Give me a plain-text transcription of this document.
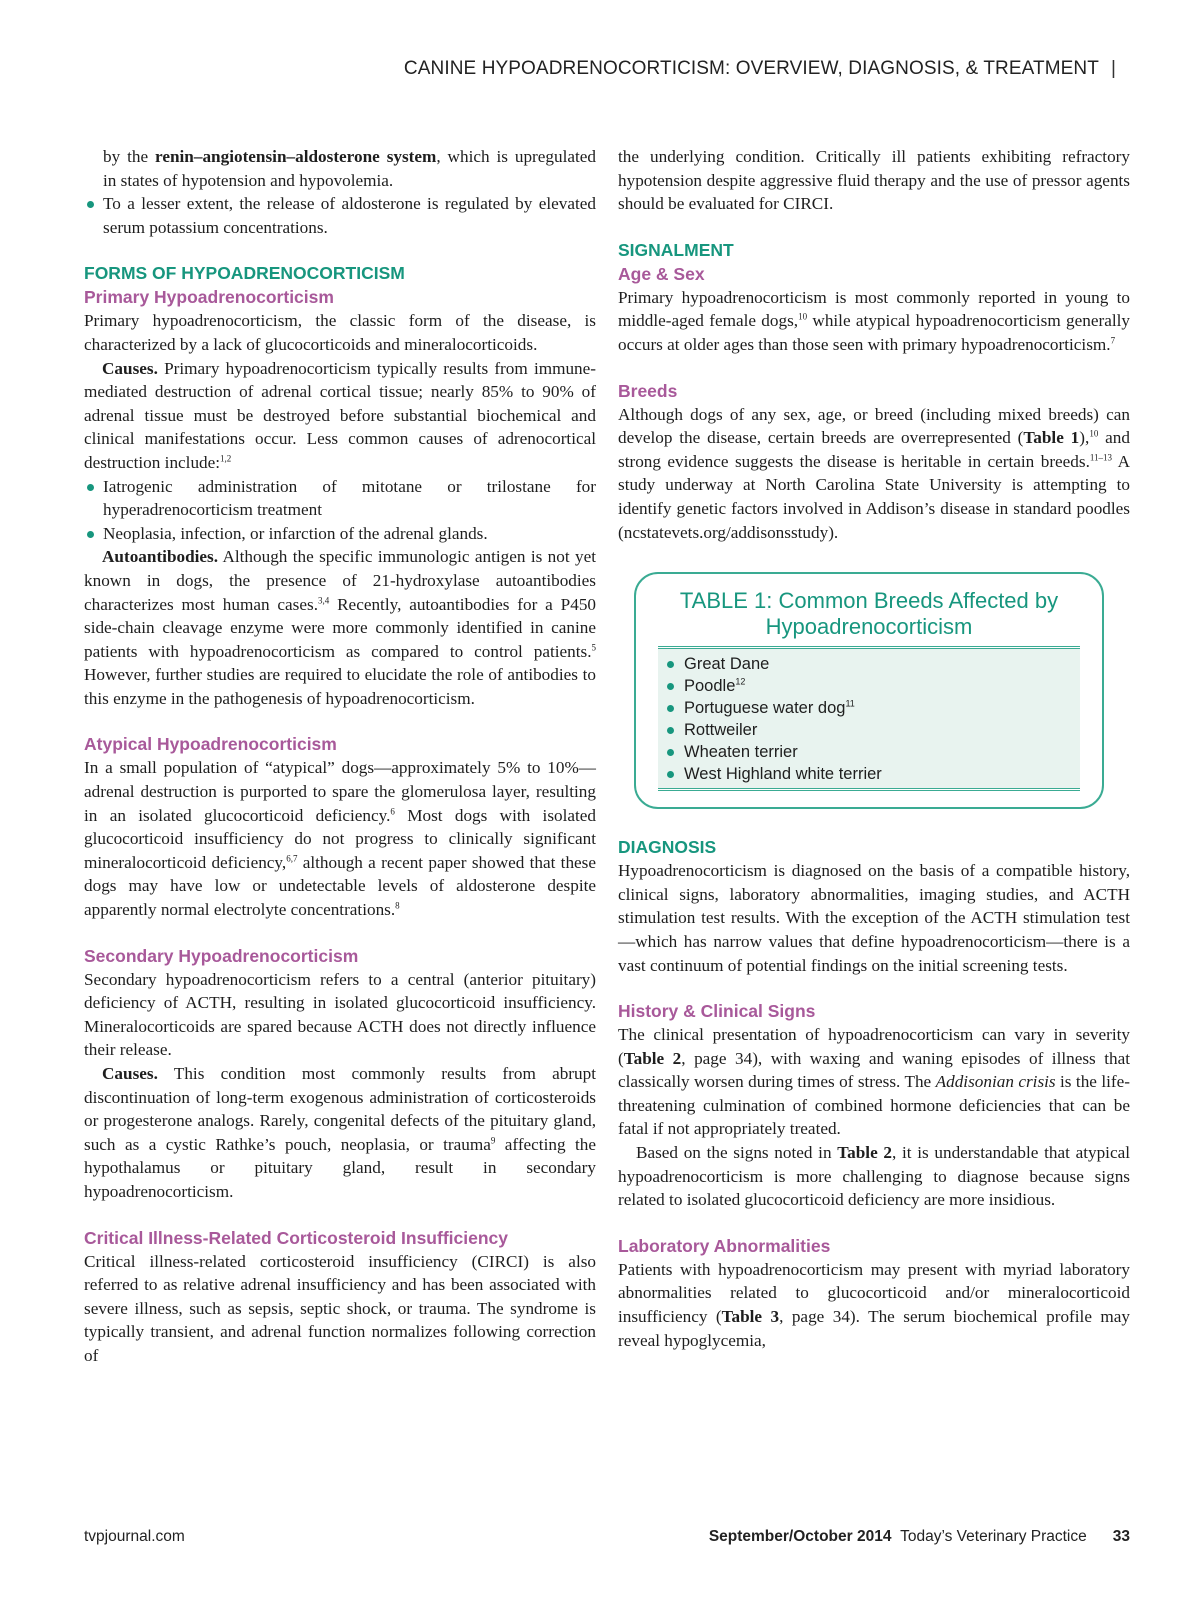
CANINE HYPOADRENOCORTICISM: OVERVIEW, DIAGNOSIS, & TREATMENT |

by the renin–angiotensin–aldosterone system, which is upregulated in states of hypotension and hypovolemia.

To a lesser extent, the release of aldosterone is regulated by elevated serum potassium concentrations.
FORMS OF HYPOADRENOCORTICISM
Primary Hypoadrenocorticism

Primary hypoadrenocorticism, the classic form of the disease, is characterized by a lack of glucocorticoids and mineralocorticoids.

Causes. Primary hypoadrenocorticism typically results from immune-mediated destruction of adrenal cortical tissue; nearly 85% to 90% of adrenal tissue must be destroyed before substantial biochemical and clinical manifestations occur. Less common causes of adrenocortical destruction include:$^{1,2}$

Iatrogenic administration of mitotane or trilostane for hyperadrenocorticism treatment
Neoplasia, infection, or infarction of the adrenal glands.

Autoantibodies. Although the specific immunologic antigen is not yet known in dogs, the presence of 21-hydroxylase autoantibodies characterizes most human cases.$^{3,4}$ Recently, autoantibodies for a P450 side-chain cleavage enzyme were more commonly identified in canine patients with hypoadrenocorticism as compared to control patients.$^5$ However, further studies are required to elucidate the role of antibodies to this enzyme in the pathogenesis of hypoadrenocorticism.

Atypical Hypoadrenocorticism

In a small population of “atypical” dogs—approximately 5% to 10%—adrenal destruction is purported to spare the glomerulosa layer, resulting in an isolated glucocorticoid deficiency.$^6$ Most dogs with isolated glucocorticoid insufficiency do not progress to clinically significant mineralocorticoid deficiency,$^{6,7}$ although a recent paper showed that these dogs may have low or undetectable levels of aldosterone despite apparently normal electrolyte concentrations.$^8$

Secondary Hypoadrenocorticism

Secondary hypoadrenocorticism refers to a central (anterior pituitary) deficiency of ACTH, resulting in isolated glucocorticoid insufficiency. Mineralocorticoids are spared because ACTH does not directly influence their release.

Causes. This condition most commonly results from abrupt discontinuation of long-term exogenous administration of corticosteroids or progesterone analogs. Rarely, congenital defects of the pituitary gland, such as a cystic Rathke’s pouch, neoplasia, or trauma$^9$ affecting the hypothalamus or pituitary gland, result in secondary hypoadrenocorticism.

Critical Illness-Related Corticosteroid Insufficiency

Critical illness-related corticosteroid insufficiency (CIRCI) is also referred to as relative adrenal insufficiency and has been associated with severe illness, such as sepsis, septic shock, or trauma. The syndrome is typically transient, and adrenal function normalizes following correction of

the underlying condition. Critically ill patients exhibiting refractory hypotension despite aggressive fluid therapy and the use of pressor agents should be evaluated for CIRCI.

SIGNALMENT
Age & Sex

Primary hypoadrenocorticism is most commonly reported in young to middle-aged female dogs,$^{10}$ while atypical hypoadrenocorticism generally occurs at older ages than those seen with primary hypoadrenocorticism.$^7$

Breeds

Although dogs of any sex, age, or breed (including mixed breeds) can develop the disease, certain breeds are overrepresented (Table 1),$^{10}$ and strong evidence suggests the disease is heritable in certain breeds.$^{11-13}$ A study underway at North Carolina State University is attempting to identify genetic factors involved in Addison’s disease in standard poodles (ncstatevets.org/addisonsstudy).

TABLE 1: Common Breeds Affected by Hypoadrenocorticism
Great Dane
Poodle$^{12}$
Portuguese water dog$^{11}$
Rottweiler
Wheaten terrier
West Highland white terrier
DIAGNOSIS

Hypoadrenocorticism is diagnosed on the basis of a compatible history, clinical signs, laboratory abnormalities, imaging studies, and ACTH stimulation test results. With the exception of the ACTH stimulation test—which has narrow values that define hypoadrenocorticism—there is a vast continuum of potential findings on the initial screening tests.

History & Clinical Signs

The clinical presentation of hypoadrenocorticism can vary in severity (Table 2, page 34), with waxing and waning episodes of illness that classically worsen during times of stress. The Addisonian crisis is the life-threatening culmination of combined hormone deficiencies that can be fatal if not appropriately treated.

Based on the signs noted in Table 2, it is understandable that atypical hypoadrenocorticism is more challenging to diagnose because signs related to isolated glucocorticoid deficiency are more insidious.

Laboratory Abnormalities

Patients with hypoadrenocorticism may present with myriad laboratory abnormalities related to glucocorticoid and/or mineralocorticoid insufficiency (Table 3, page 34). The serum biochemical profile may reveal hypoglycemia,

tvpjournal.com	September/October 2014 Today’s Veterinary Practice 33
